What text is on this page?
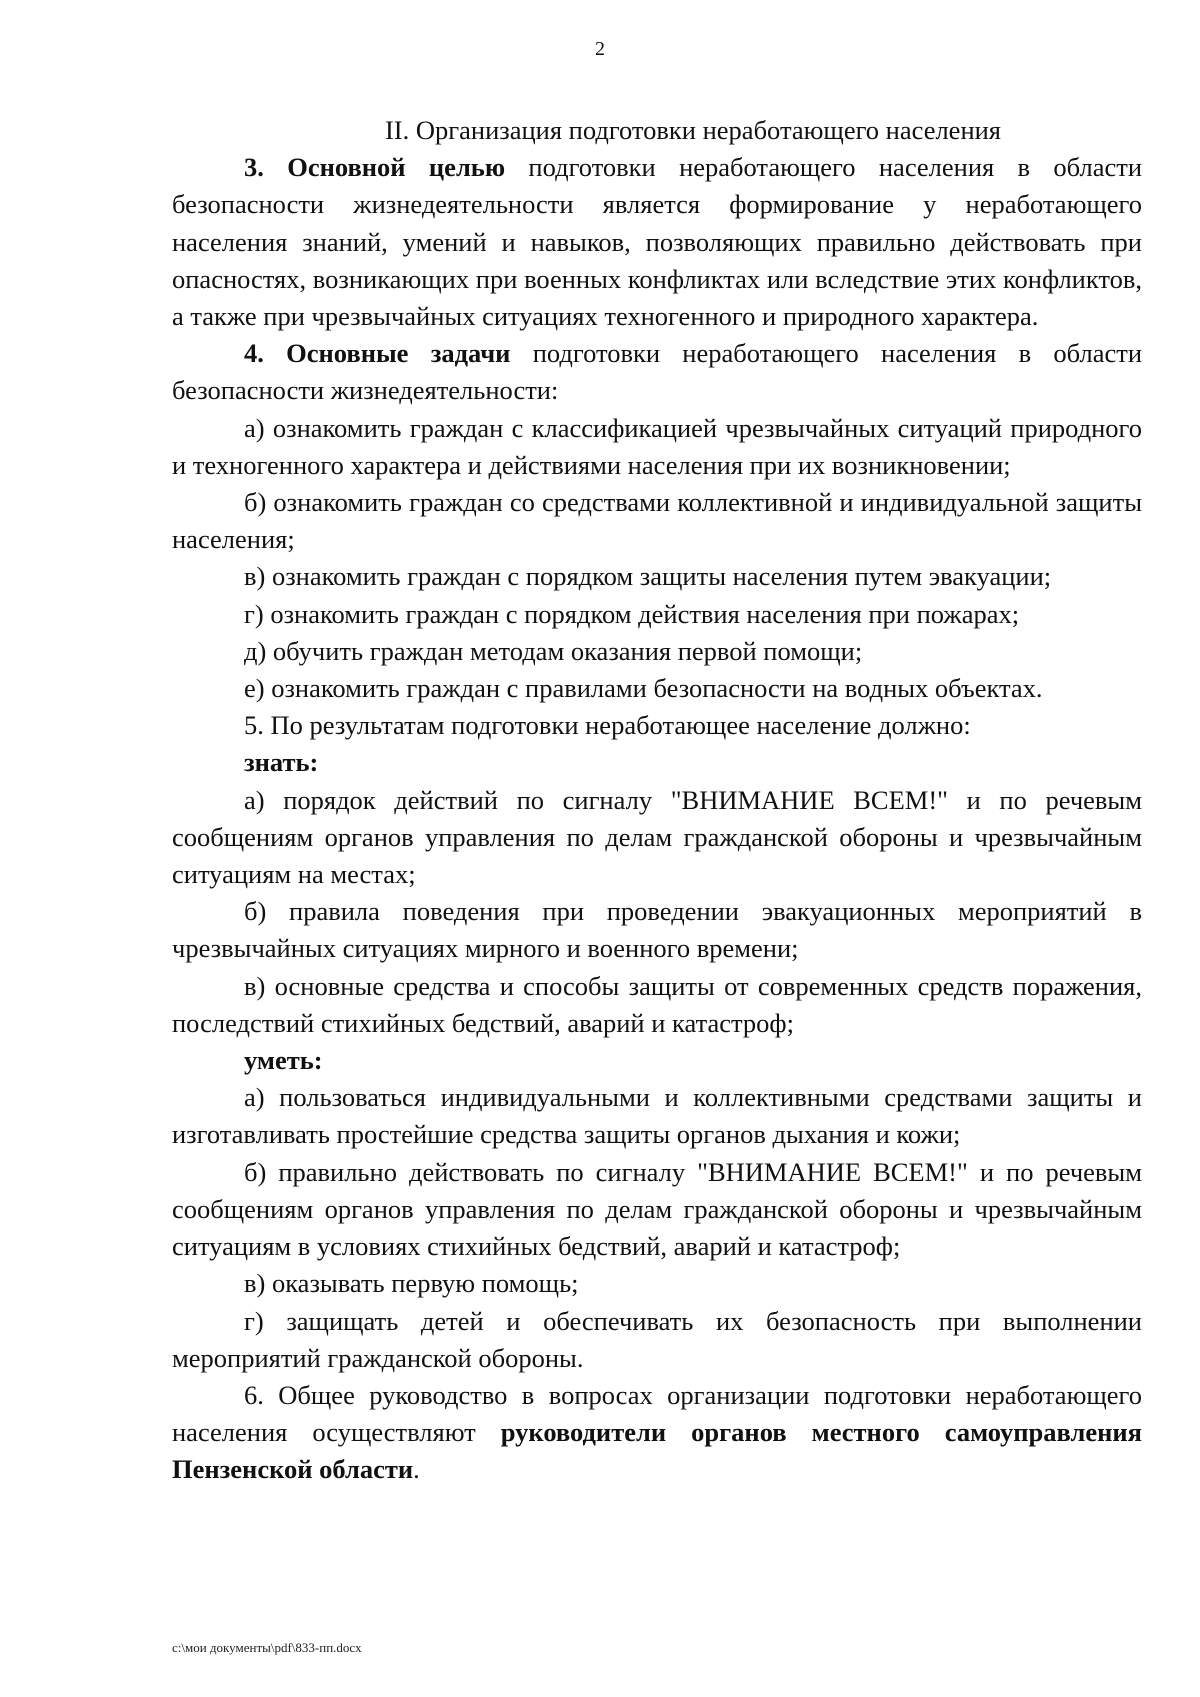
2

II. Организация подготовки неработающего населения

3. Основной целью подготовки неработающего населения в области безопасности жизнедеятельности является формирование у неработающего населения знаний, умений и навыков, позволяющих правильно действовать при опасностях, возникающих при военных конфликтах или вследствие этих конфликтов, а также при чрезвычайных ситуациях техногенного и природного характера.

4. Основные задачи подготовки неработающего населения в области безопасности жизнедеятельности:

а) ознакомить граждан с классификацией чрезвычайных ситуаций природного и техногенного характера и действиями населения при их возникновении;

б) ознакомить граждан со средствами коллективной и индивидуальной защиты населения;

в) ознакомить граждан с порядком защиты населения путем эвакуации;

г) ознакомить граждан с порядком действия населения при пожарах;

д) обучить граждан методам оказания первой помощи;

е) ознакомить граждан с правилами безопасности на водных объектах.

5. По результатам подготовки неработающее население должно:

знать:

а) порядок действий по сигналу "ВНИМАНИЕ ВСЕМ!" и по речевым сообщениям органов управления по делам гражданской обороны и чрезвычайным ситуациям на местах;

б) правила поведения при проведении эвакуационных мероприятий в чрезвычайных ситуациях мирного и военного времени;

в) основные средства и способы защиты от современных средств поражения, последствий стихийных бедствий, аварий и катастроф;

уметь:

а) пользоваться индивидуальными и коллективными средствами защиты и изготавливать простейшие средства защиты органов дыхания и кожи;

б) правильно действовать по сигналу "ВНИМАНИЕ ВСЕМ!" и по речевым сообщениям органов управления по делам гражданской обороны и чрезвычайным ситуациям в условиях стихийных бедствий, аварий и катастроф;

в) оказывать первую помощь;

г) защищать детей и обеспечивать их безопасность при выполнении мероприятий гражданской обороны.

6. Общее руководство в вопросах организации подготовки неработающего населения осуществляют руководители органов местного самоуправления Пензенской области.

c:\мои документы\pdf\833-пп.docx
